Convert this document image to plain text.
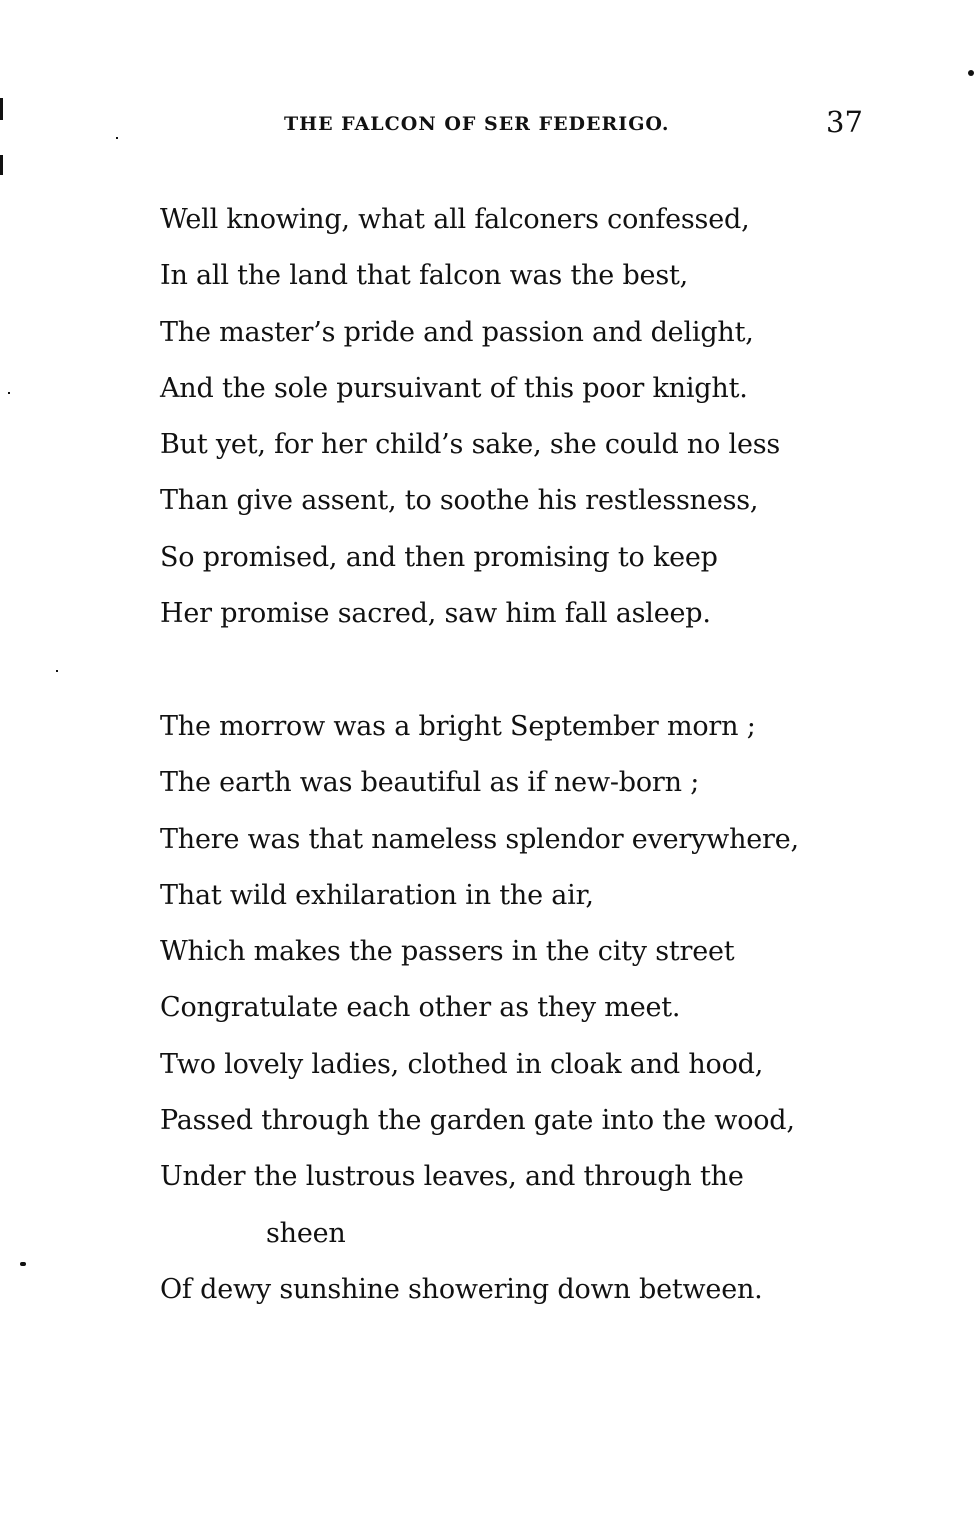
THE FALCON OF SER FEDERIGO.	37
Well knowing, what all falconers confessed,
In all the land that falcon was the best,
The master’s pride and passion and delight,
And the sole pursuivant of this poor knight.
But yet, for her child’s sake, she could no less
Than give assent, to soothe his restlessness,
So promised, and then promising to keep
Her promise sacred, saw him fall asleep.
The morrow was a bright September morn ;
The earth was beautiful as if new-born ;
There was that nameless splendor everywhere,
That wild exhilaration in the air,
Which makes the passers in the city street
Congratulate each other as they meet.
Two lovely ladies, clothed in cloak and hood,
Passed through the garden gate into the wood,
Under the lustrous leaves, and through the
sheen
Of dewy sunshine showering down between.
